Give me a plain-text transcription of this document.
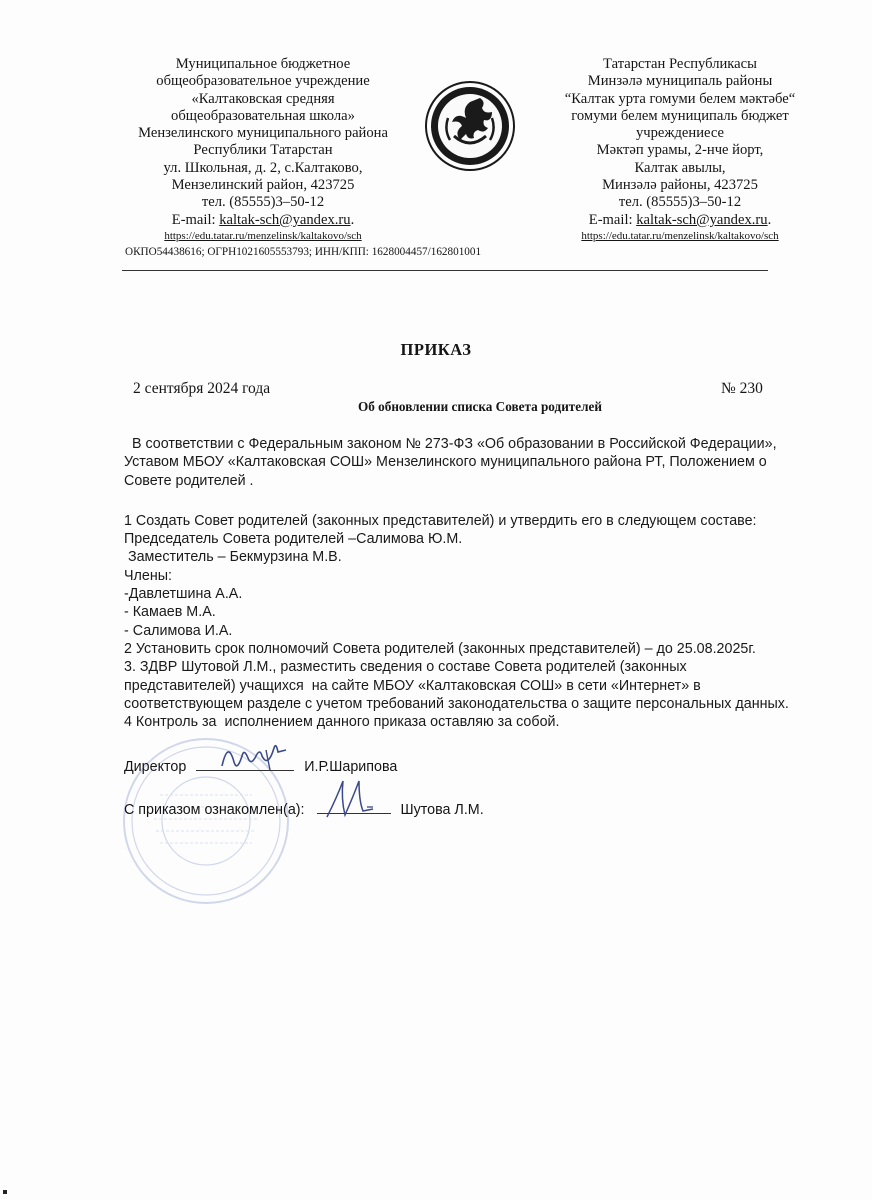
Муниципальное бюджетное
общеобразовательное учреждение
«Калтаковская средняя
общеобразовательная школа»
Мензелинского муниципального района
Республики Татарстан
ул. Школьная, д. 2, с.Калтаково,
Мензелинский район, 423725
тел. (85555)3–50-12
E-mail: kaltak-sch@yandex.ru.
https://edu.tatar.ru/menzelinsk/kaltakovo/sch
ОКПО54438616; ОГРН1021605553793; ИНН/КПП: 1628004457/162801001
Татарстан Республикасы
Минзәлә муниципаль районы
“Калтак урта гомуми белем мәктәбе“
гомуми белем муниципаль бюджет
учреждениесе
Мәктәп урамы, 2-нче йорт,
Калтак авылы,
Минзәлә районы, 423725
тел. (85555)3–50-12
E-mail: kaltak-sch@yandex.ru.
https://edu.tatar.ru/menzelinsk/kaltakovo/sch
ПРИКАЗ
2 сентября 2024 года	№ 230
Об обновлении списка Совета родителей

В соответствии с Федеральным законом № 273-ФЗ «Об образовании в Российской Федерации»,

Уставом МБОУ «Калтаковская СОШ» Мензелинского муниципального района РТ, Положением о

Совете родителей .

1 Создать Совет родителей (законных представителей) и утвердить его в следующем составе:

Председатель Совета родителей –Салимова Ю.М.

Заместитель – Бекмурзина М.В.

Члены:

-Давлетшина А.А.

- Камаев М.А.

- Салимова И.А.

2 Установить срок полномочий Совета родителей (законных представителей) – до 25.08.2025г.

3. ЗДВР Шутовой Л.М., разместить сведения о составе Совета родителей (законных

представителей) учащихся  на сайте МБОУ «Калтаковская СОШ» в сети «Интернет» в

соответствующем разделе с учетом требований законодательства о защите персональных данных.

4 Контроль за  исполнением данного приказа оставляю за собой.

Директор	И.Р.Шарипова
С приказом ознакомлен(а):	Шутова Л.М.
